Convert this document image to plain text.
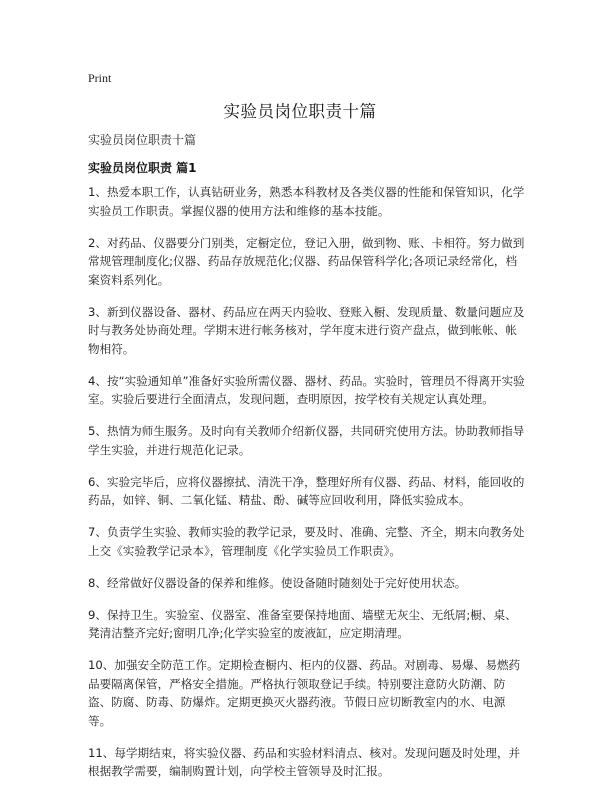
Print
实验员岗位职责十篇
实验员岗位职责十篇
实验员岗位职责 篇1

1、热爱本职工作，认真钻研业务，熟悉本科教材及各类仪器的性能和保管知识，化学实验员工作职责。掌握仪器的使用方法和维修的基本技能。

2、对药品、仪器要分门别类，定橱定位，登记入册，做到物、账、卡相符。努力做到常规管理制度化;仪器、药品存放规范化;仪器、药品保管科学化;各项记录经常化，档案资料系列化。

3、新到仪器设备、器材、药品应在两天内验收、登账入橱、发现质量、数量问题应及时与教务处协商处理。学期末进行帐务核对，学年度末进行资产盘点，做到帐帐、帐物相符。

4、按“实验通知单”准备好实验所需仪器、器材、药品。实验时，管理员不得离开实验室。实验后要进行全面清点，发现问题，查明原因，按学校有关规定认真处理。

5、热情为师生服务。及时向有关教师介绍新仪器，共同研究使用方法。协助教师指导学生实验，并进行规范化记录。

6、实验完毕后，应将仪器擦拭、清洗干净，整理好所有仪器、药品、材料，能回收的药品，如锌、铜、二氧化锰、精盐、酚、碱等应回收利用，降低实验成本。

7、负责学生实验、教师实验的教学记录，要及时、准确、完整、齐全，期末向教务处上交《实验教学记录本》，管理制度《化学实验员工作职责》。

8、经常做好仪器设备的保养和维修。使设备随时随刻处于完好使用状态。

9、保持卫生。实验室、仪器室、准备室要保持地面、墙壁无灰尘、无纸屑;橱、桌、凳清洁整齐完好;窗明几净;化学实验室的废液缸，应定期清理。

10、加强安全防范工作。定期检查橱内、柜内的仪器、药品。对剧毒、易爆、易燃药品要隔离保管，严格安全措施。严格执行领取登记手续。特别要注意防火防潮、防盗、防腐、防毒、防爆炸。定期更换灭火器药液。节假日应切断教室内的水、电源等。

11、每学期结束，将实验仪器、药品和实验材料清点、核对。发现问题及时处理，并根据教学需要，编制购置计划，向学校主管领导及时汇报。
